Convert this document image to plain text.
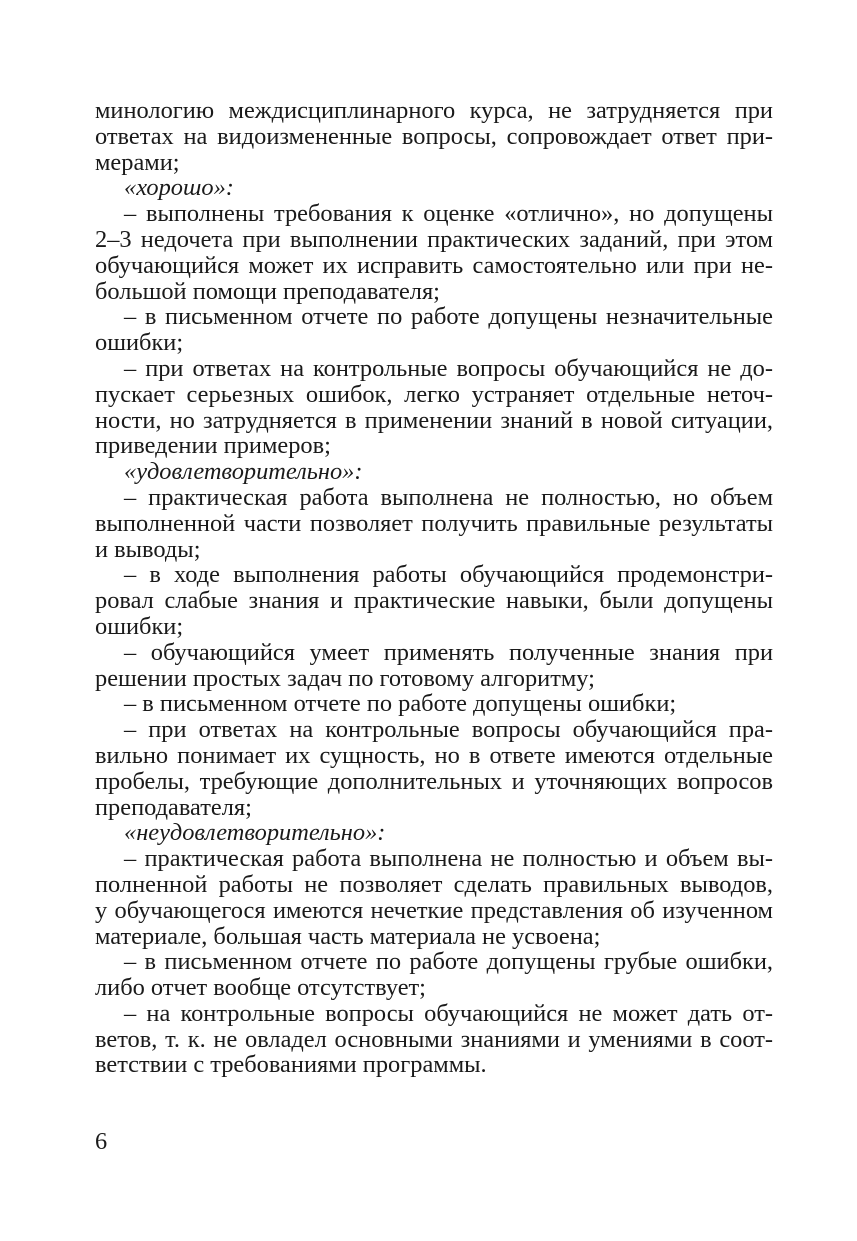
минологию междисциплинарного курса, не затрудняется при
ответах на видоизмененные вопросы, сопровождает ответ при-
мерами;
«хорошо»:
– выполнены требования к оценке «отлично», но допущены
2–3 недочета при выполнении практических заданий, при этом
обучающийся может их исправить самостоятельно или при не-
большой помощи преподавателя;
– в письменном отчете по работе допущены незначительные
ошибки;
– при ответах на контрольные вопросы обучающийся не до-
пускает серьезных ошибок, легко устраняет отдельные неточ-
ности, но затрудняется в применении знаний в новой ситуации,
приведении примеров;
«удовлетворительно»:
– практическая работа выполнена не полностью, но объем
выполненной части позволяет получить правильные результаты
и выводы;
– в ходе выполнения работы обучающийся продемонстри-
ровал слабые знания и практические навыки, были допущены
ошибки;
– обучающийся умеет применять полученные знания при
решении простых задач по готовому алгоритму;
– в письменном отчете по работе допущены ошибки;
– при ответах на контрольные вопросы обучающийся пра-
вильно понимает их сущность, но в ответе имеются отдельные
пробелы, требующие дополнительных и уточняющих вопросов
преподавателя;
«неудовлетворительно»:
– практическая работа выполнена не полностью и объем вы-
полненной работы не позволяет сделать правильных выводов,
у обучающегося имеются нечеткие представления об изученном
материале, большая часть материала не усвоена;
– в письменном отчете по работе допущены грубые ошибки,
либо отчет вообще отсутствует;
– на контрольные вопросы обучающийся не может дать от-
ветов, т. к. не овладел основными знаниями и умениями в соот-
ветствии с требованиями программы.
6
